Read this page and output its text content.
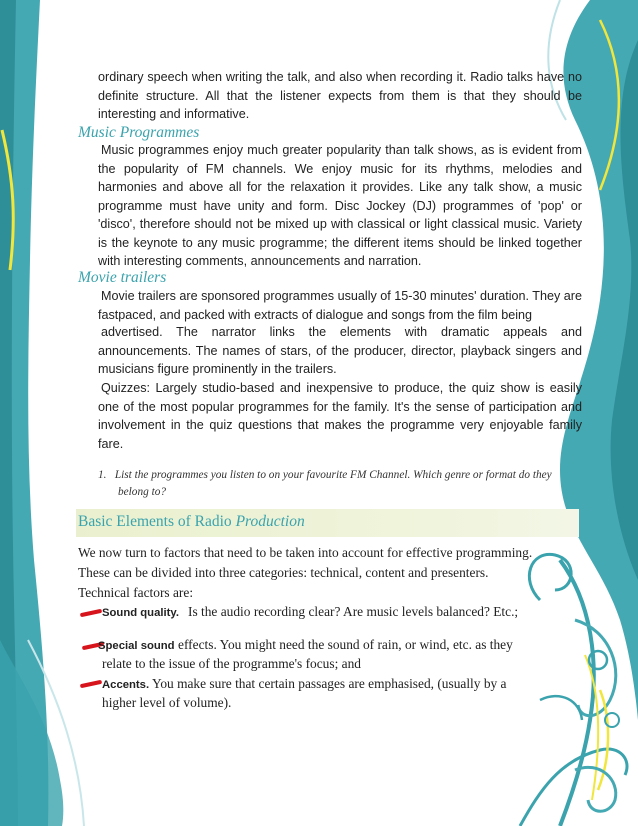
ordinary speech when writing the talk, and also when recording it. Radio talks have no definite structure. All that the listener expects from them is that they should be interesting and informative.

Music Programmes

Music programmes enjoy much greater popularity than talk shows, as is evident from the popularity of FM channels. We enjoy music for its rhythms, melodies and harmonies and above all for the relaxation it provides. Like any talk show, a music programme must have unity and form. Disc Jockey (DJ) programmes of 'pop' or 'disco', therefore should not be mixed up with classical or light classical music. Variety is the keynote to any music programme; the different items should be linked together with interesting comments, announcements and narration.

Movie trailers

Movie trailers are sponsored programmes usually of 15-30 minutes' duration. They are fastpaced, and packed with extracts of dialogue and songs from the film being

advertised. The narrator links the elements with dramatic appeals and announcements. The names of stars, of the producer, director, playback singers and musicians figure prominently in the trailers.

Quizzes: Largely studio-based and inexpensive to produce, the quiz show is easily one of the most popular programmes for the family. It's the sense of participation and involvement in the quiz questions that makes the programme very enjoyable family fare.

1. List the programmes you listen to on your favourite FM Channel. Which genre or format do they
belong to?

Basic Elements of Radio Production

We now turn to factors that need to be taken into account for effective programming.

These can be divided into three categories: technical, content and presenters.

Technical factors are:

Sound quality. Is the audio recording clear? Are music levels balanced? Etc.;

Special sound effects. You might need the sound of rain, or wind, etc. as they

relate to the issue of the programme's focus; and

Accents. You make sure that certain passages are emphasised, (usually by a

higher level of volume).
